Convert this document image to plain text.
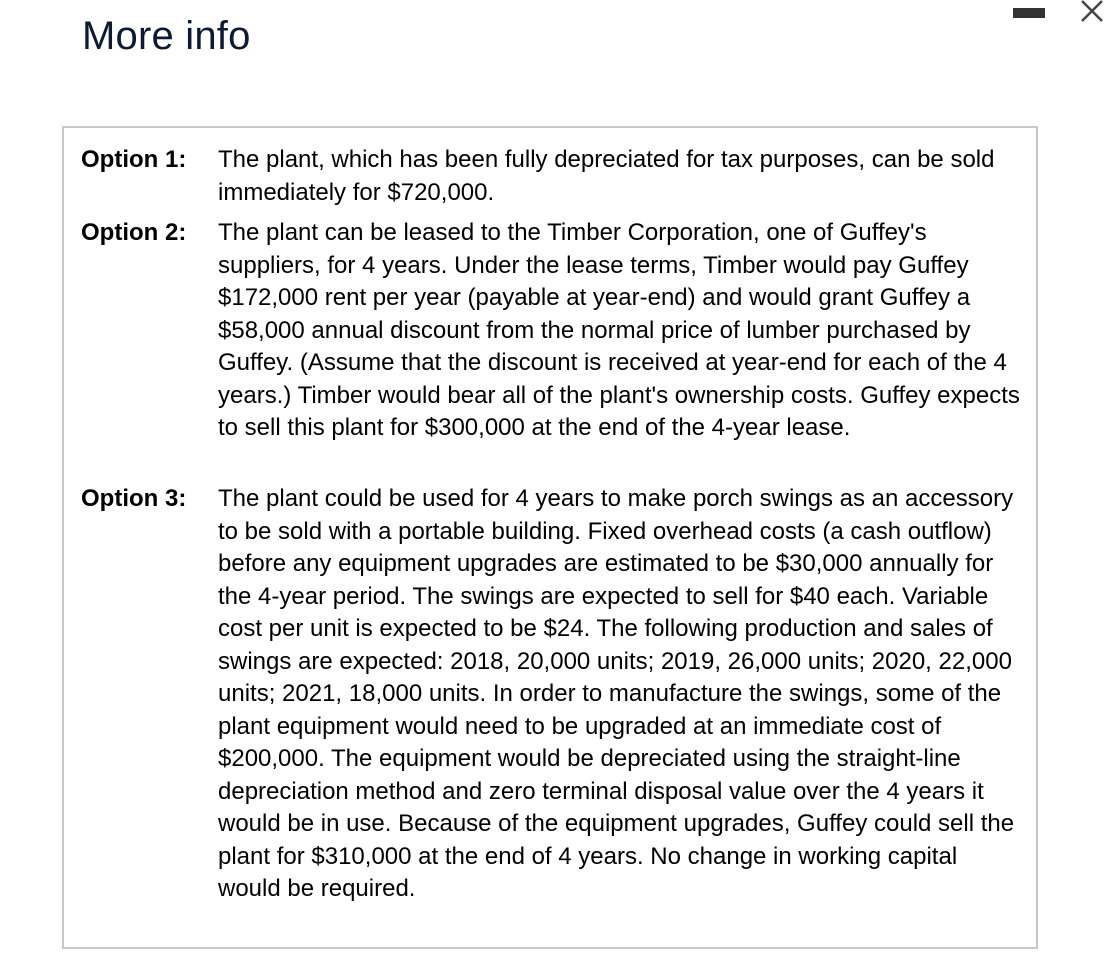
More info
Option 1:	The plant, which has been fully depreciated for tax purposes, can be sold immediately for $720,000.
Option 2:	The plant can be leased to the Timber Corporation, one of Guffey's suppliers, for 4 years. Under the lease terms, Timber would pay Guffey $172,000 rent per year (payable at year-end) and would grant Guffey a $58,000 annual discount from the normal price of lumber purchased by Guffey. (Assume that the discount is received at year-end for each of the 4 years.) Timber would bear all of the plant's ownership costs. Guffey expects to sell this plant for $300,000 at the end of the 4-year lease.
Option 3:	The plant could be used for 4 years to make porch swings as an accessory to be sold with a portable building. Fixed overhead costs (a cash outflow) before any equipment upgrades are estimated to be $30,000 annually for the 4-year period. The swings are expected to sell for $40 each. Variable cost per unit is expected to be $24. The following production and sales of swings are expected: 2018, 20,000 units; 2019, 26,000 units; 2020, 22,000 units; 2021, 18,000 units. In order to manufacture the swings, some of the plant equipment would need to be upgraded at an immediate cost of $200,000. The equipment would be depreciated using the straight-line depreciation method and zero terminal disposal value over the 4 years it would be in use. Because of the equipment upgrades, Guffey could sell the plant for $310,000 at the end of 4 years. No change in working capital would be required.
